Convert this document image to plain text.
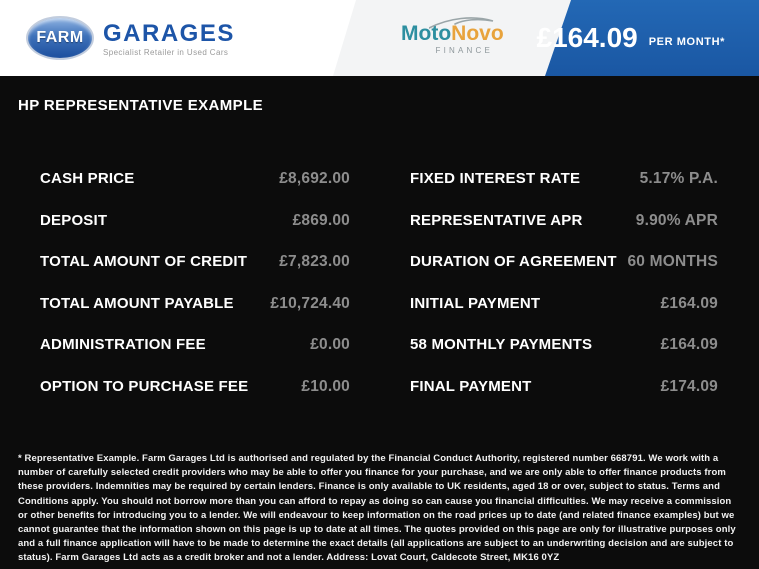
FARM GARAGES
Specialist Retailer in Used Cars
MotoNovo
FINANCE £164.09 PER MONTH*
HP REPRESENTATIVE EXAMPLE
CASH PRICE	£8,692.00
DEPOSIT	£869.00
TOTAL AMOUNT OF CREDIT £7,823.00
TOTAL AMOUNT PAYABLE £10,724.40
ADMINISTRATION FEE	£0.00
OPTION TO PURCHASE FEE	£10.00
FIXED INTEREST RATE	5.17% P.A.
REPRESENTATIVE APR	9.90% APR
DURATION OF AGREEMENT 60 MONTHS
INITIAL PAYMENT	£164.09
58 MONTHLY PAYMENTS	£164.09
FINAL PAYMENT	£174.09
* Representative Example. Farm Garages Ltd is authorised and regulated by the Financial Conduct Authority, registered number 668791. We work with a number of carefully selected credit providers who may be able to offer you finance for your purchase, and we are only able to offer finance products from these providers. Indemnities may be required by certain lenders. Finance is only available to UK residents, aged 18 or over, subject to status. Terms and Conditions apply. You should not borrow more than you can afford to repay as doing so can cause you financial difficulties. We may receive a commission or other benefits for introducing you to a lender. We will endeavour to keep information on the road prices up to date (and related finance examples) but we cannot guarantee that the information shown on this page is up to date at all times. The quotes provided on this page are only for illustrative purposes only and a full finance application will have to be made to determine the exact details (all applications are subject to an underwriting decision and are subject to status). Farm Garages Ltd acts as a credit broker and not a lender. Address: Lovat Court, Caldecote Street, MK16 0YZ
